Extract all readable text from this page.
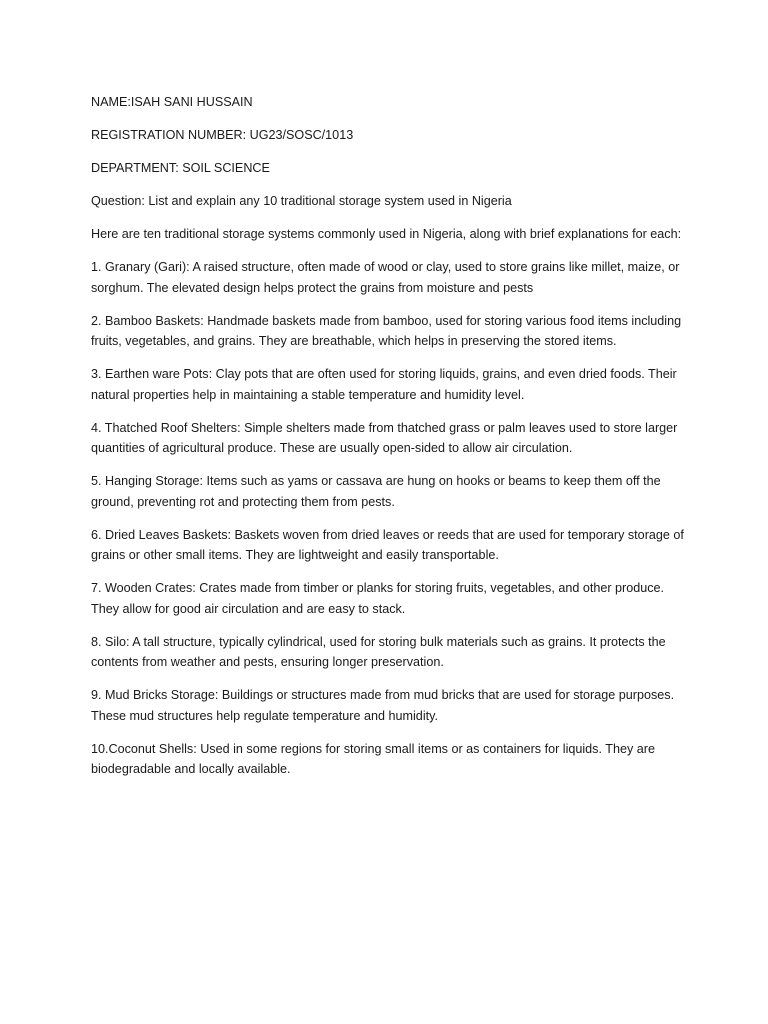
NAME:ISAH SANI HUSSAIN

REGISTRATION NUMBER: UG23/SOSC/1013

DEPARTMENT: SOIL SCIENCE

Question: List and explain any 10 traditional storage system used in Nigeria

Here are ten traditional storage systems commonly used in Nigeria, along with brief explanations for each:

1. Granary (Gari): A raised structure, often made of wood or clay, used to store grains like millet, maize, or sorghum. The elevated design helps protect the grains from moisture and pests

2. Bamboo Baskets: Handmade baskets made from bamboo, used for storing various food items including fruits, vegetables, and grains. They are breathable, which helps in preserving the stored items.

3. Earthen ware Pots: Clay pots that are often used for storing liquids, grains, and even dried foods. Their natural properties help in maintaining a stable temperature and humidity level.

4. Thatched Roof Shelters: Simple shelters made from thatched grass or palm leaves used to store larger quantities of agricultural produce. These are usually open-sided to allow air circulation.

5. Hanging Storage: Items such as yams or cassava are hung on hooks or beams to keep them off the ground, preventing rot and protecting them from pests.

6. Dried Leaves Baskets: Baskets woven from dried leaves or reeds that are used for temporary storage of grains or other small items. They are lightweight and easily transportable.

7. Wooden Crates: Crates made from timber or planks for storing fruits, vegetables, and other produce. They allow for good air circulation and are easy to stack.

8. Silo: A tall structure, typically cylindrical, used for storing bulk materials such as grains. It protects the contents from weather and pests, ensuring longer preservation.

9. Mud Bricks Storage: Buildings or structures made from mud bricks that are used for storage purposes. These mud structures help regulate temperature and humidity.

10.Coconut Shells: Used in some regions for storing small items or as containers for liquids. They are biodegradable and locally available.
